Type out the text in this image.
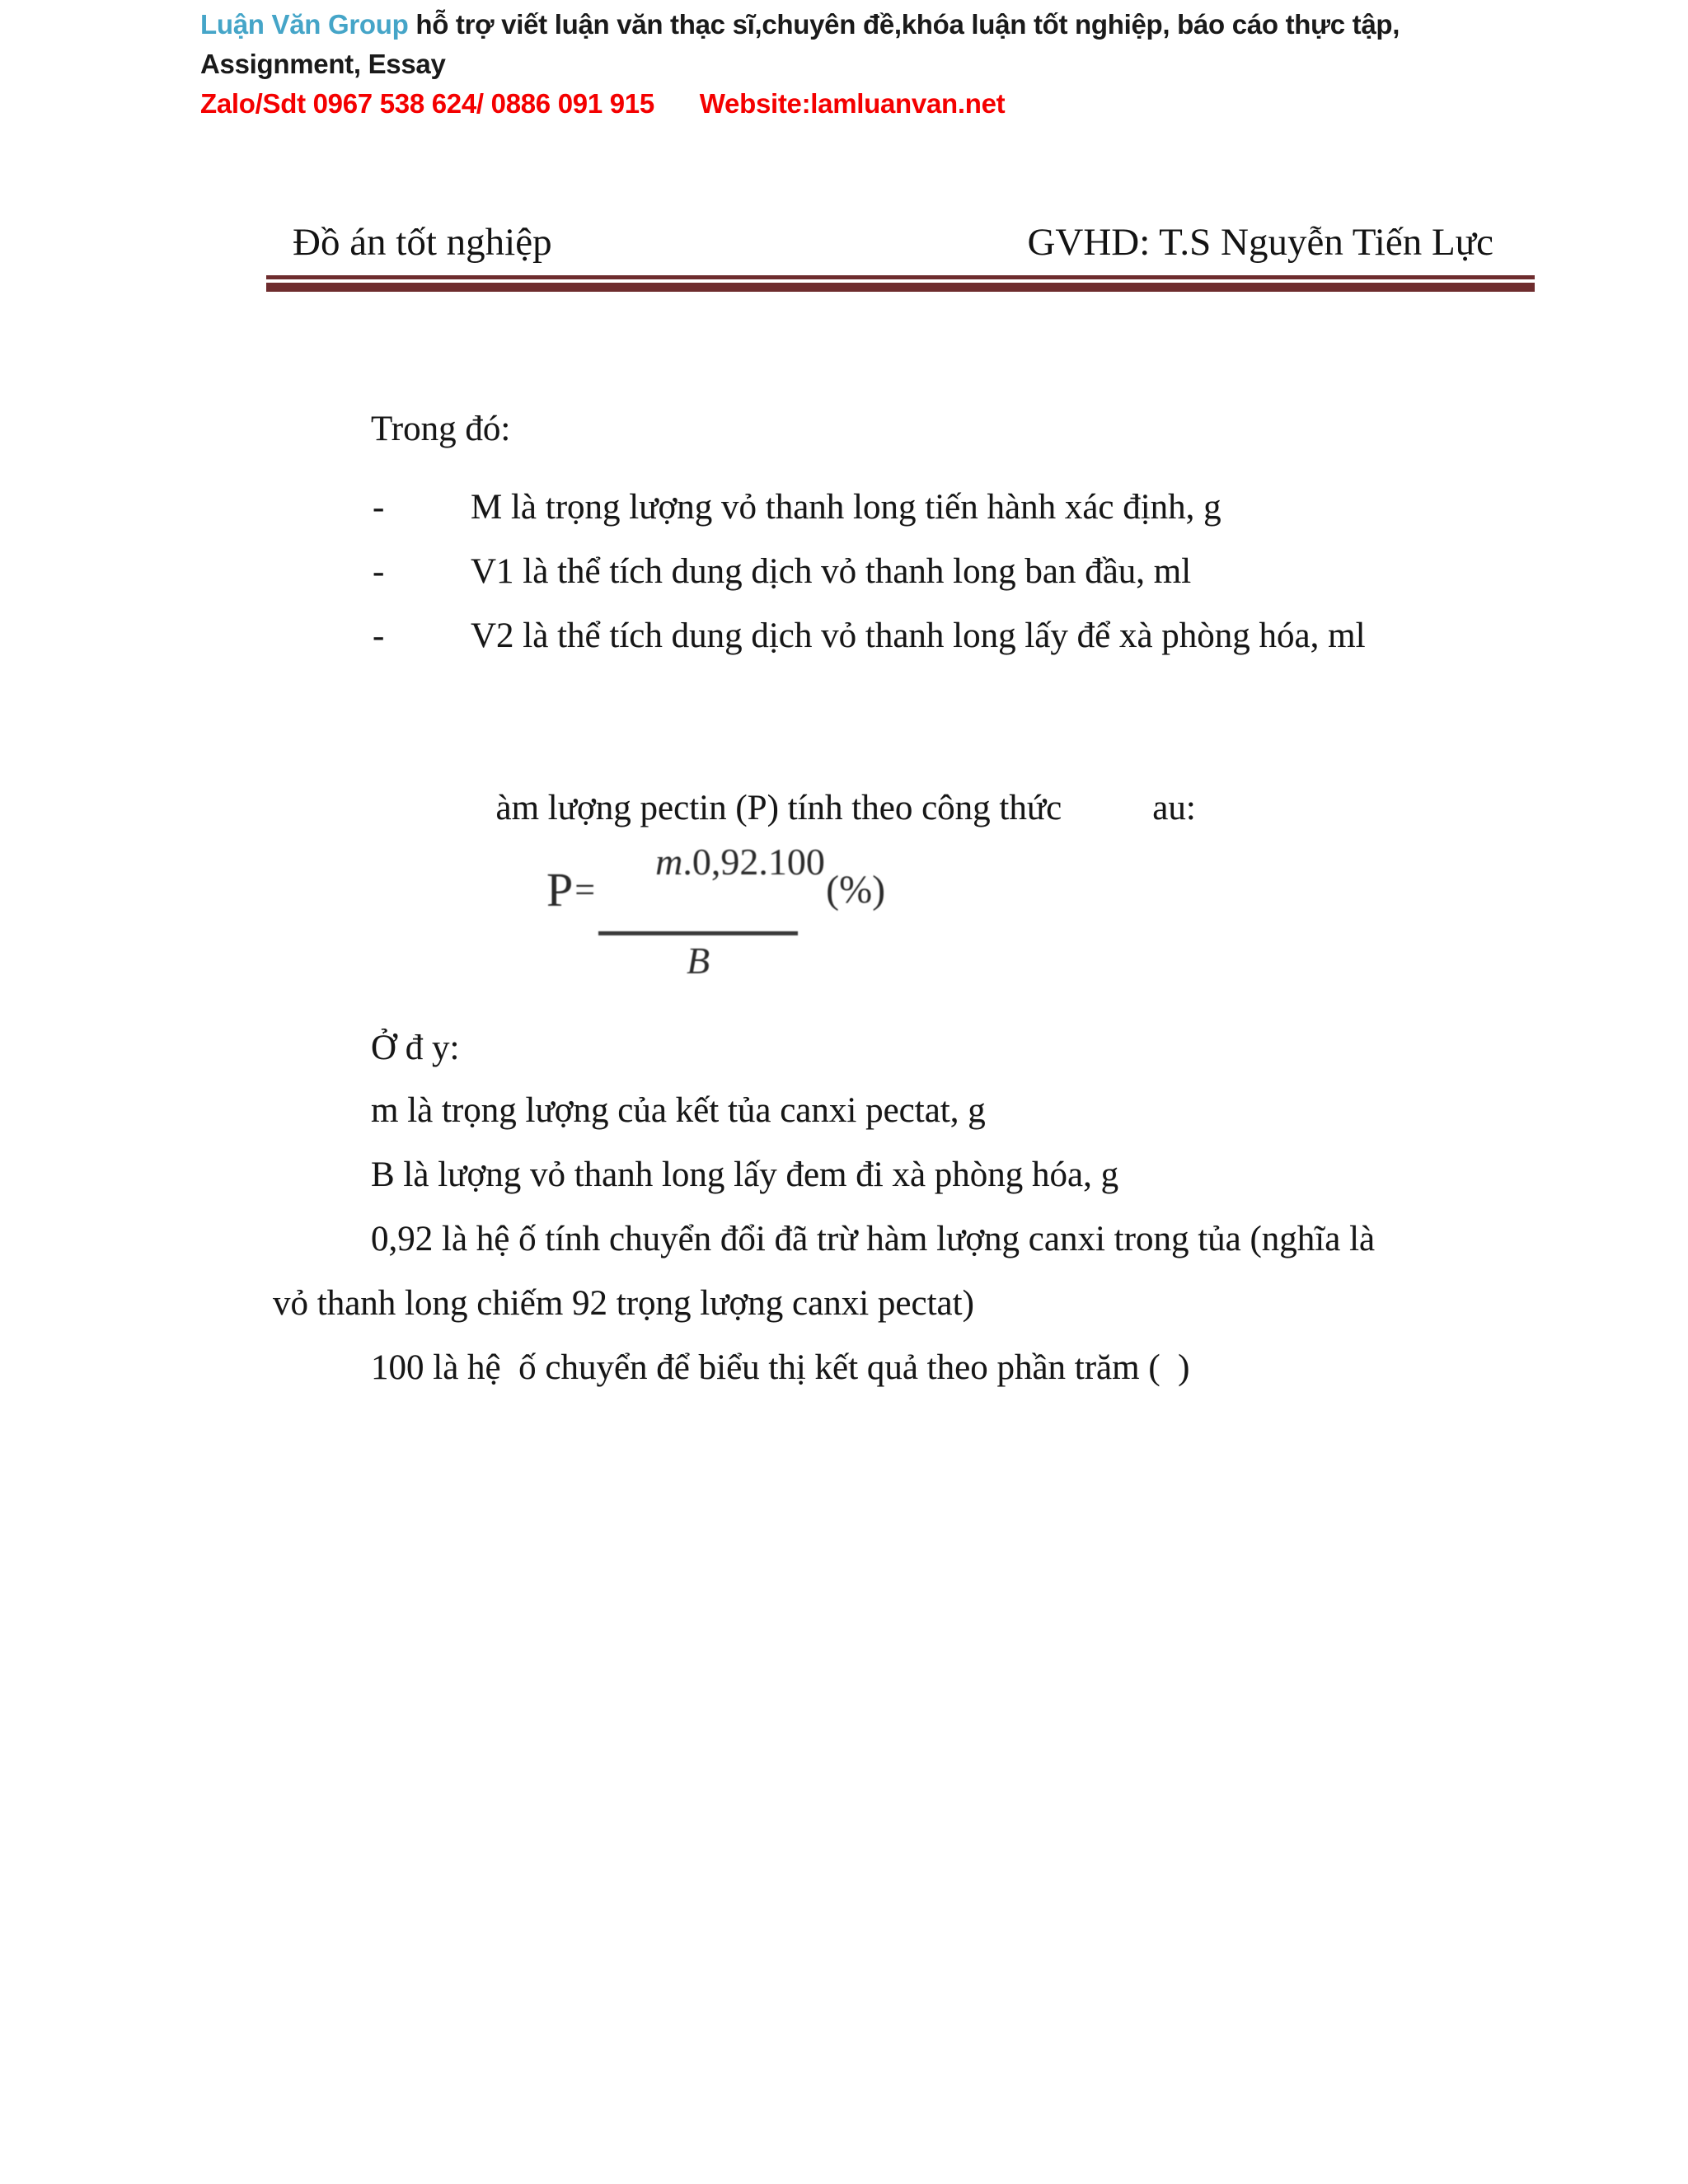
Luận Văn Group hỗ trợ viết luận văn thạc sĩ,chuyên đề,khóa luận tốt nghiệp, báo cáo thực tập,
Assignment, Essay
Zalo/Sdt 0967 538 624/ 0886 091 915 Website:lamluanvan.net
Đồ án tốt nghiệp	GVHD: T.S Nguyễn Tiến Lực
Trong đó:
-	M là trọng lượng vỏ thanh long tiến hành xác định, g
-	V1 là thể tích dung dịch vỏ thanh long ban đầu, ml
-	V2 là thể tích dung dịch vỏ thanh long lấy để xà phòng hóa, ml

àm lượng pectin (P) tính theo công thức	au:

P =

m.0,92.100

B
(%)
Ở đ y:
m là trọng lượng của kết tủa canxi pectat, g
B là lượng vỏ thanh long lấy đem đi xà phòng hóa, g
0,92 là hệ ố tính chuyển đổi đã trừ hàm lượng canxi trong tủa (nghĩa là
vỏ thanh long chiếm 92 trọng lượng canxi pectat)
100 là hệ  ố chuyển để biểu thị kết quả theo phần trăm (  )
